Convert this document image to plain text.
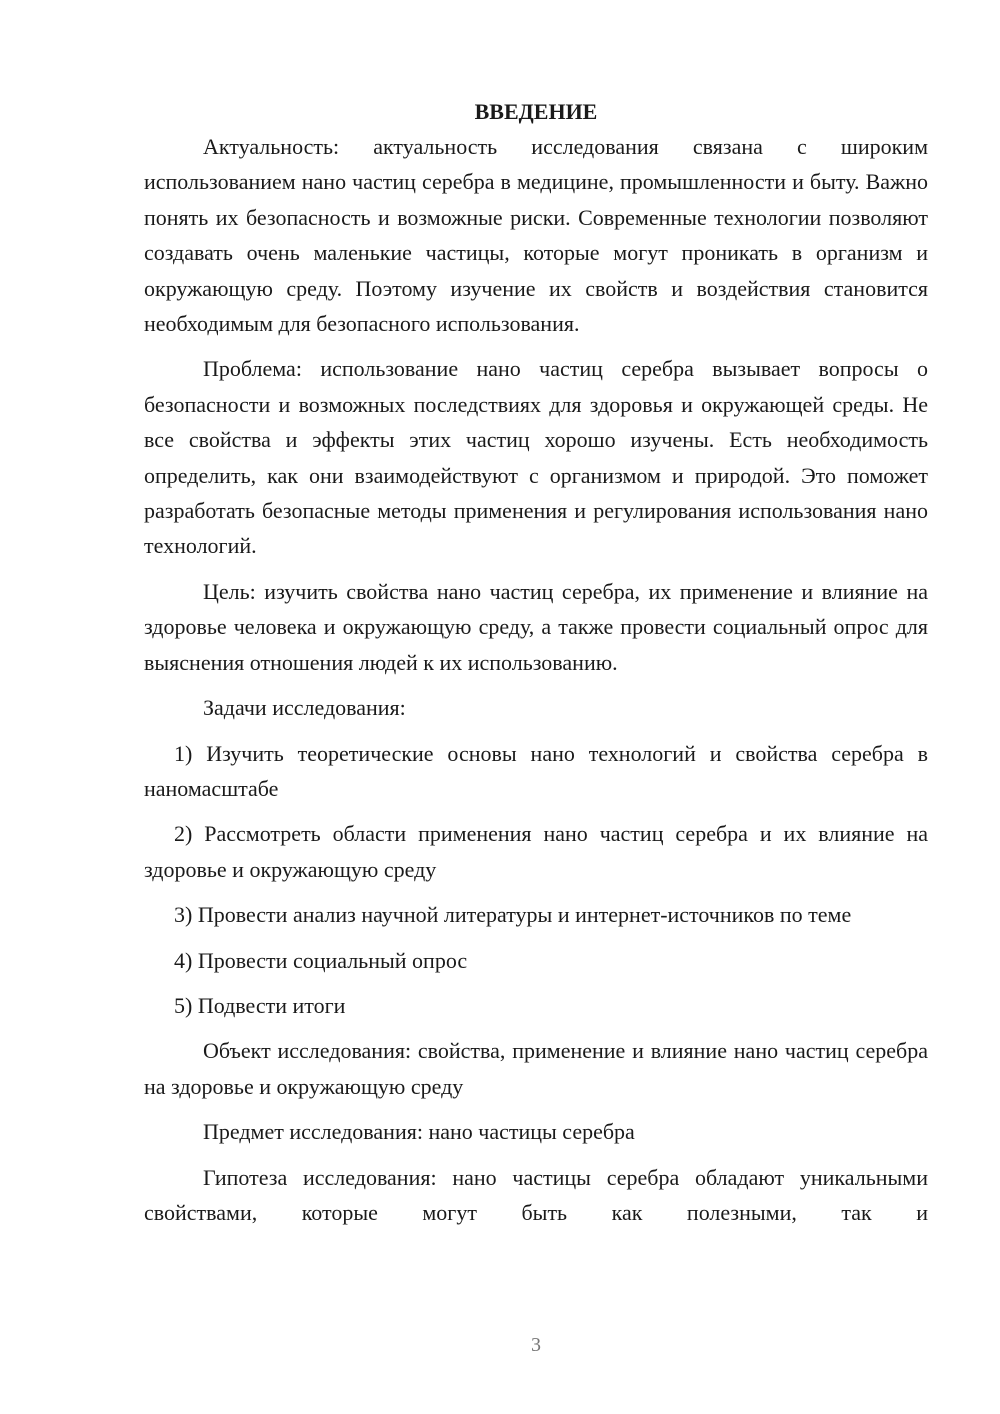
ВВЕДЕНИЕ

Актуальность: актуальность исследования связана с широким использованием нано частиц серебра в медицине, промышленности и быту. Важно понять их безопасность и возможные риски. Современные технологии позволяют создавать очень маленькие частицы, которые могут проникать в организм и окружающую среду. Поэтому изучение их свойств и воздействия становится необходимым для безопасного использования.

Проблема: использование нано частиц серебра вызывает вопросы о безопасности и возможных последствиях для здоровья и окружающей среды. Не все свойства и эффекты этих частиц хорошо изучены. Есть необходимость определить, как они взаимодействуют с организмом и природой. Это поможет разработать безопасные методы применения и регулирования использования нано технологий.

Цель: изучить свойства нано частиц серебра, их применение и влияние на здоровье человека и окружающую среду, а также провести социальный опрос для выяснения отношения людей к их использованию.

Задачи исследования:

1) Изучить теоретические основы нано технологий и свойства серебра в наномасштабе

2) Рассмотреть области применения нано частиц серебра и их влияние на здоровье и окружающую среду

3) Провести анализ научной литературы и интернет-источников по теме

4) Провести социальный опрос

5) Подвести итоги

Объект исследования: свойства, применение и влияние нано частиц серебра на здоровье и окружающую среду

Предмет исследования: нано частицы серебра

Гипотеза исследования: нано частицы серебра обладают уникальными свойствами, которые могут быть как полезными, так и

3
